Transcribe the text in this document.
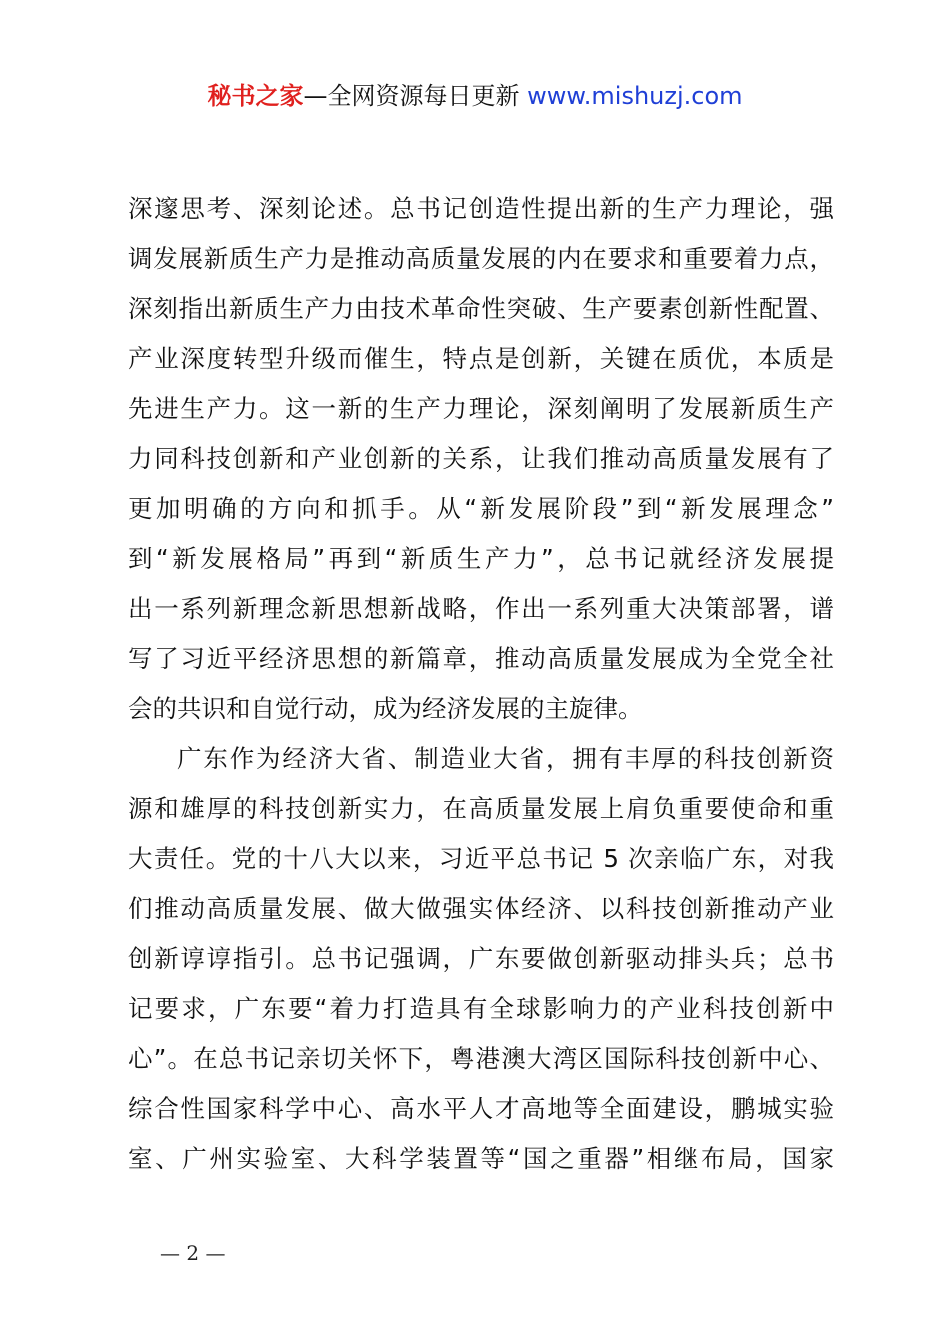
秘书之家—全网资源每日更新 www.mishuzj.com
深邃思考、深刻论述。总书记创造性提出新的生产力理论，强
调发展新质生产力是推动高质量发展的内在要求和重要着力点，
深刻指出新质生产力由技术革命性突破、生产要素创新性配置、
产业深度转型升级而催生，特点是创新，关键在质优，本质是
先进生产力。这一新的生产力理论，深刻阐明了发展新质生产
力同科技创新和产业创新的关系，让我们推动高质量发展有了
更加明确的方向和抓手。从“新发展阶段”到“新发展理念”
到“新发展格局”再到“新质生产力”，总书记就经济发展提
出一系列新理念新思想新战略，作出一系列重大决策部署，谱
写了习近平经济思想的新篇章，推动高质量发展成为全党全社
会的共识和自觉行动，成为经济发展的主旋律。
广东作为经济大省、制造业大省，拥有丰厚的科技创新资
源和雄厚的科技创新实力，在高质量发展上肩负重要使命和重
大责任。党的十八大以来，习近平总书记 5 次亲临广东，对我
们推动高质量发展、做大做强实体经济、以科技创新推动产业
创新谆谆指引。总书记强调，广东要做创新驱动排头兵；总书
记要求，广东要“着力打造具有全球影响力的产业科技创新中
心”。在总书记亲切关怀下，粤港澳大湾区国际科技创新中心、
综合性国家科学中心、高水平人才高地等全面建设，鹏城实验
室、广州实验室、大科学装置等“国之重器”相继布局，国家
— 2 —
